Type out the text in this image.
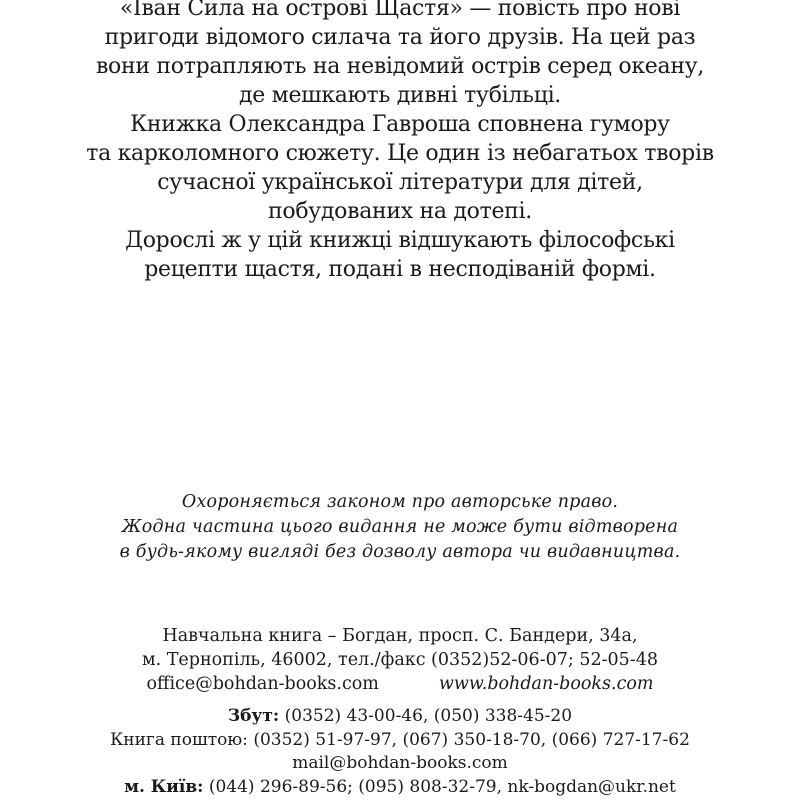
«Іван Сила на острові Щастя» — повість про нові
пригоди відомого силача та його друзів. На цей раз
вони потрапляють на невідомий острів серед океану,
де мешкають дивні тубільці.
Книжка Олександра Гавроша сповнена гумору
та карколомного сюжету. Це один із небагатьох творів
сучасної української літератури для дітей,
побудованих на дотепі.
Дорослі ж у цій книжці відшукають філософські
рецепти щастя, подані в несподіваній формі.
Охороняється законом про авторське право.
Жодна частина цього видання не може бути відтворена
в будь-якому вигляді без дозволу автора чи видавництва.
Навчальна книга – Богдан, просп. С. Бандери, 34а,
м. Тернопіль, 46002, тел./факс (0352)52-06-07; 52-05-48
office@bohdan-books.com	www.bohdan-books.com
Збут: (0352) 43-00-46, (050) 338-45-20
Книга поштою: (0352) 51-97-97, (067) 350-18-70, (066) 727-17-62
mail@bohdan-books.com
м. Київ: (044) 296-89-56; (095) 808-32-79, nk-bogdan@ukr.net
